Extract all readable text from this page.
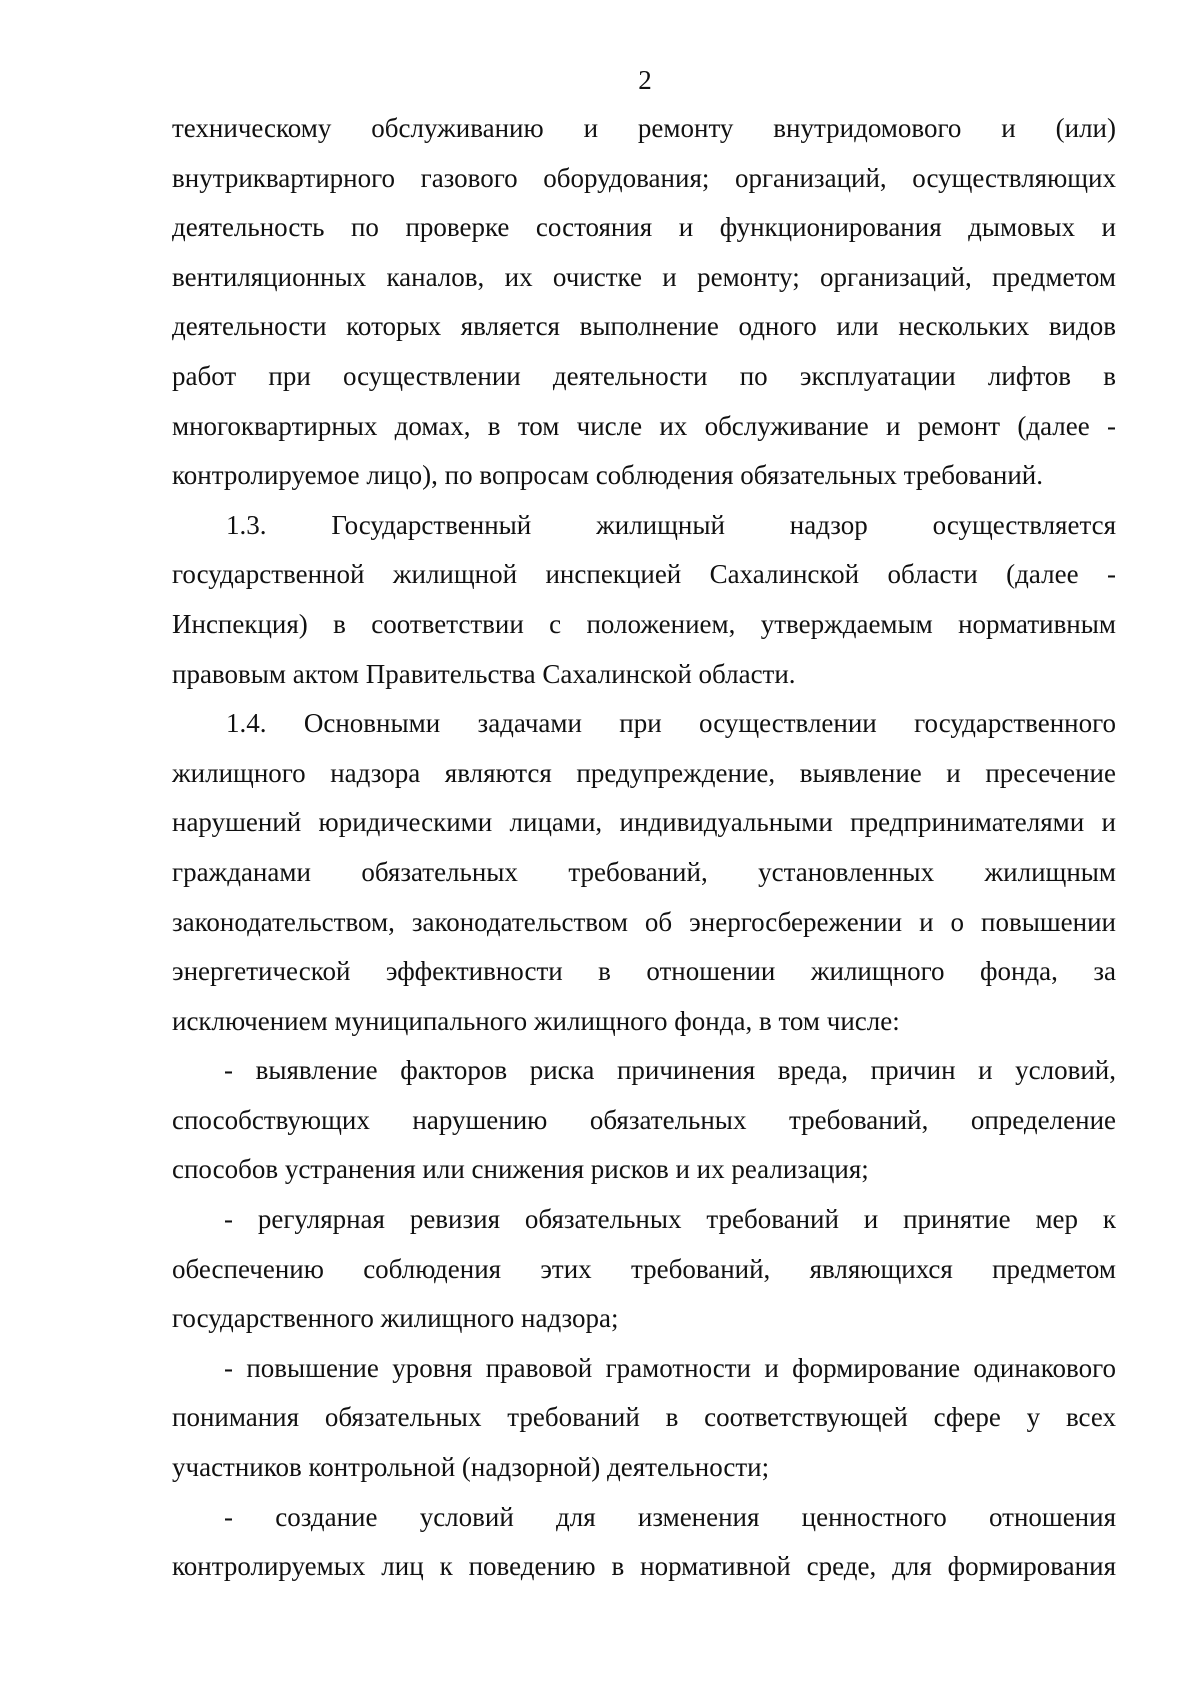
2
техническому обслуживанию и ремонту внутридомового и (или)
внутриквартирного газового оборудования; организаций, осуществляющих
деятельность по проверке состояния и функционирования дымовых и
вентиляционных каналов, их очистке и ремонту; организаций, предметом
деятельности которых является выполнение одного или нескольких видов
работ при осуществлении деятельности по эксплуатации лифтов в
многоквартирных домах, в том числе их обслуживание и ремонт (далее -
контролируемое лицо), по вопросам соблюдения обязательных требований.
1.3. Государственный жилищный надзор осуществляется
государственной жилищной инспекцией Сахалинской области (далее -
Инспекция) в соответствии с положением, утверждаемым нормативным
правовым актом Правительства Сахалинской области.
1.4. Основными задачами при осуществлении государственного
жилищного надзора являются предупреждение, выявление и пресечение
нарушений юридическими лицами, индивидуальными предпринимателями и
гражданами обязательных требований, установленных жилищным
законодательством, законодательством об энергосбережении и о повышении
энергетической эффективности в отношении жилищного фонда, за
исключением муниципального жилищного фонда, в том числе:
- выявление факторов риска причинения вреда, причин и условий,
способствующих нарушению обязательных требований, определение
способов устранения или снижения рисков и их реализация;
- регулярная ревизия обязательных требований и принятие мер к
обеспечению соблюдения этих требований, являющихся предметом
государственного жилищного надзора;
- повышение уровня правовой грамотности и формирование одинакового
понимания обязательных требований в соответствующей сфере у всех
участников контрольной (надзорной) деятельности;
- создание условий для изменения ценностного отношения
контролируемых лиц к поведению в нормативной среде, для формирования
